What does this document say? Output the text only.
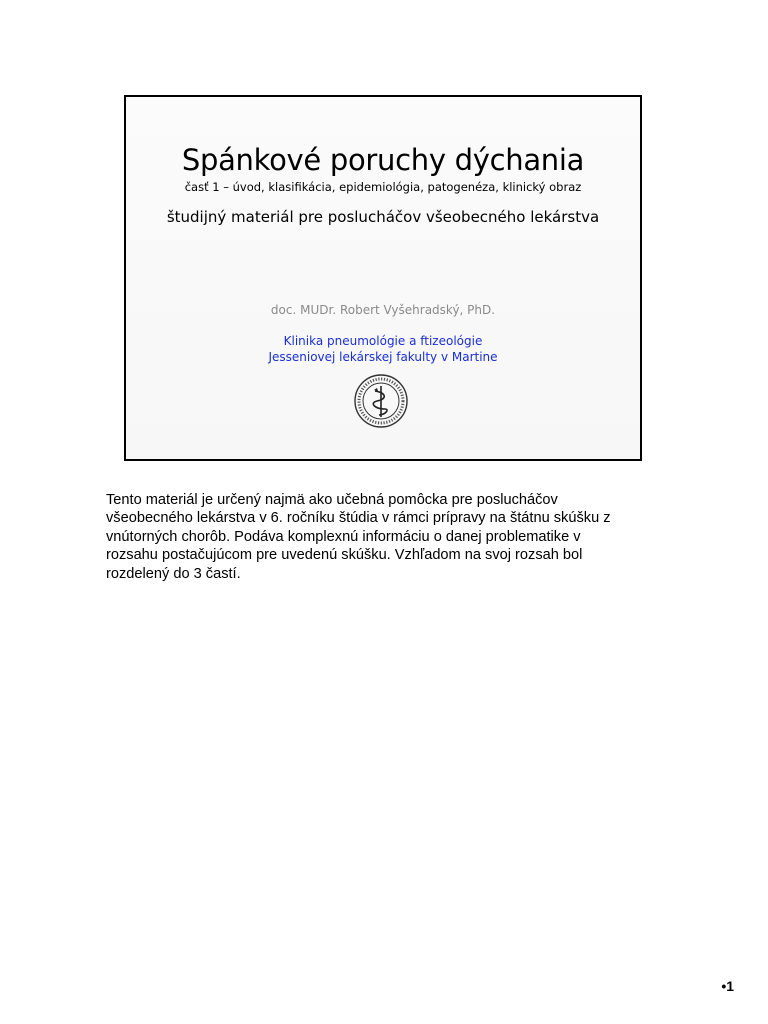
Spánkové poruchy dýchania
časť 1 – úvod, klasifikácia, epidemiológia, patogenéza, klinický obraz
študijný materiál pre poslucháčov všeobecného lekárstva
doc. MUDr. Robert Vyšehradský, PhD.
Klinika pneumológie a ftizeológie
Jesseniovej lekárskej fakulty v Martine
Tento materiál je určený najmä ako učebná pomôcka pre poslucháčov
všeobecného lekárstva v 6. ročníku štúdia v rámci prípravy na štátnu skúšku z
vnútorných chorôb. Podáva komplexnú informáciu o danej problematike v
rozsahu postačujúcom pre uvedenú skúšku. Vzhľadom na svoj rozsah bol
rozdelený do 3 častí.
•1
